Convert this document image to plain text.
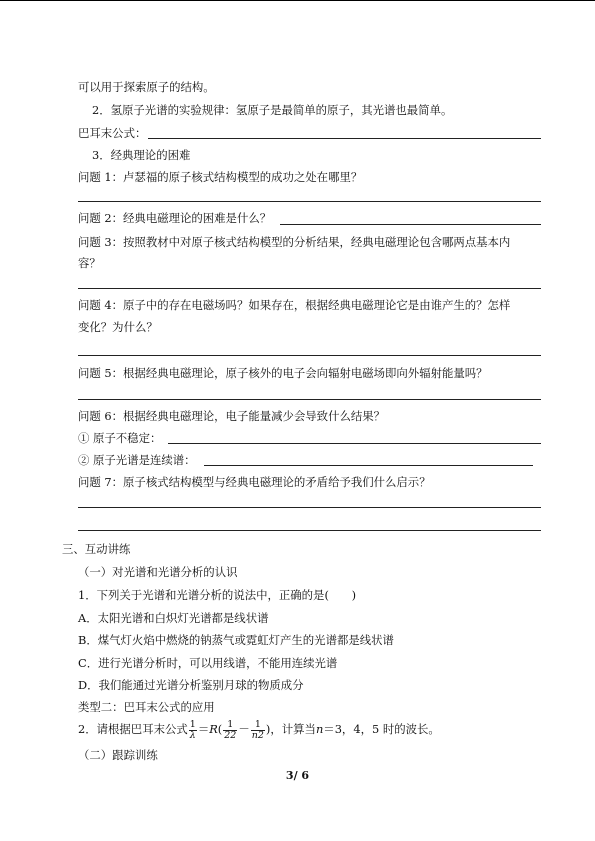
可以用于探索原子的结构。
2．氢原子光谱的实验规律：氢原子是最简单的原子，其光谱也最简单。
巴耳末公式：
3．经典理论的困难
问题 1：卢瑟福的原子核式结构模型的成功之处在哪里？
问题 2：经典电磁理论的困难是什么？
问题 3：按照教材中对原子核式结构模型的分析结果，经典电磁理论包含哪两点基本内
容？
问题 4：原子中的存在电磁场吗？如果存在，根据经典电磁理论它是由谁产生的？怎样
变化？为什么？
问题 5：根据经典电磁理论，原子核外的电子会向辐射电磁场即向外辐射能量吗？
问题 6：根据经典电磁理论，电子能量减少会导致什么结果？
① 原子不稳定：
② 原子光谱是连续谱：
问题 7：原子核式结构模型与经典电磁理论的矛盾给予我们什么启示？
三、互动讲练
（一）对光谱和光谱分析的认识
1．下列关于光谱和光谱分析的说法中，正确的是(　　)
A．太阳光谱和白炽灯光谱都是线状谱
B．煤气灯火焰中燃烧的钠蒸气或霓虹灯产生的光谱都是线状谱
C．进行光谱分析时，可以用线谱，不能用连续光谱
D．我们能通过光谱分析鉴别月球的物质成分
类型二：巴耳末公式的应用
2．请根据巴耳末公式 $\frac{1}{\lambda} =R( \frac{1}{22} - \frac{1}{n2}$ )，计算当n＝3，4，5 时的波长。
（二）跟踪训练
3/ 6
